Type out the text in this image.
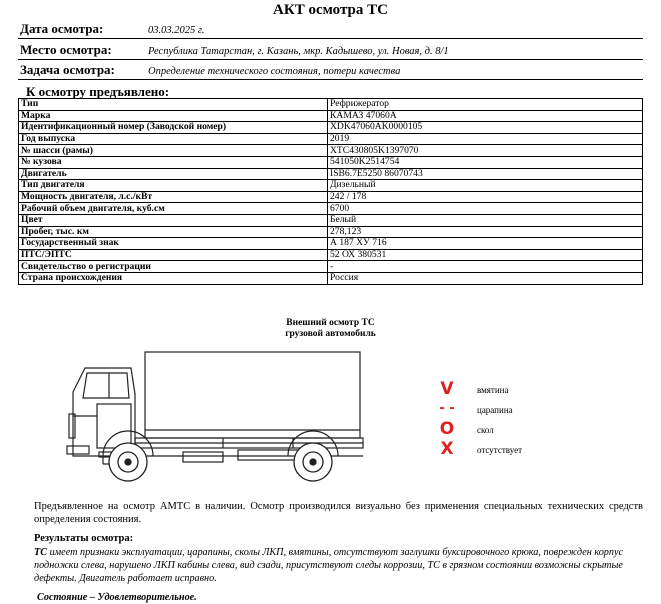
АКТ осмотра ТС
Дата осмотра:	03.03.2025 г.
Место осмотра:	Республика Татарстан, г. Казань, мкр. Кадышево, ул. Новая, д. 8/1
Задача осмотра:	Определение технического состояния, потери качества
К осмотру предъявлено:
Тип	Рефрижератор
Марка	КАМАЗ 47060А
Идентификационный номер (Заводской номер)	XDK47060AK0000105
Год выпуска	2019
№ шасси (рамы)	XTC430805K1397070
№ кузова	541050K2514754
Двигатель	ISB6.7E5250 86070743
Тип двигателя	Дизельный
Мощность двигателя, л.с./кВт	242 / 178
Рабочий объем двигателя, куб.см	6700
Цвет	Белый
Пробег, тыс. км	278,123
Государственный знак	А 187 ХУ 716
ПТС/ЭПТС	52 ОХ 380531
Свидетельство о регистрации	-
Страна происхождения	Россия
Внешний осмотр ТС
грузовой автомобиль
V	вмятина
- - царапина
O	скол
X	отсутствует
Предъявленное на осмотр АМТС в наличии. Осмотр производился визуально без применения специальных технических средств определения состояния.
Результаты осмотра:
ТС имеет признаки эксплуатации, царапины, сколы ЛКП, вмятины, отсутствуют заглушки буксировочного крюка, поврежден корпус подножки слева, нарушено ЛКП кабины слева, вид сзади, присутствуют следы коррозии, ТС в грязном состоянии возможны скрытые дефекты. Двигатель работает исправно.
Состояние – Удовлетворительное.
